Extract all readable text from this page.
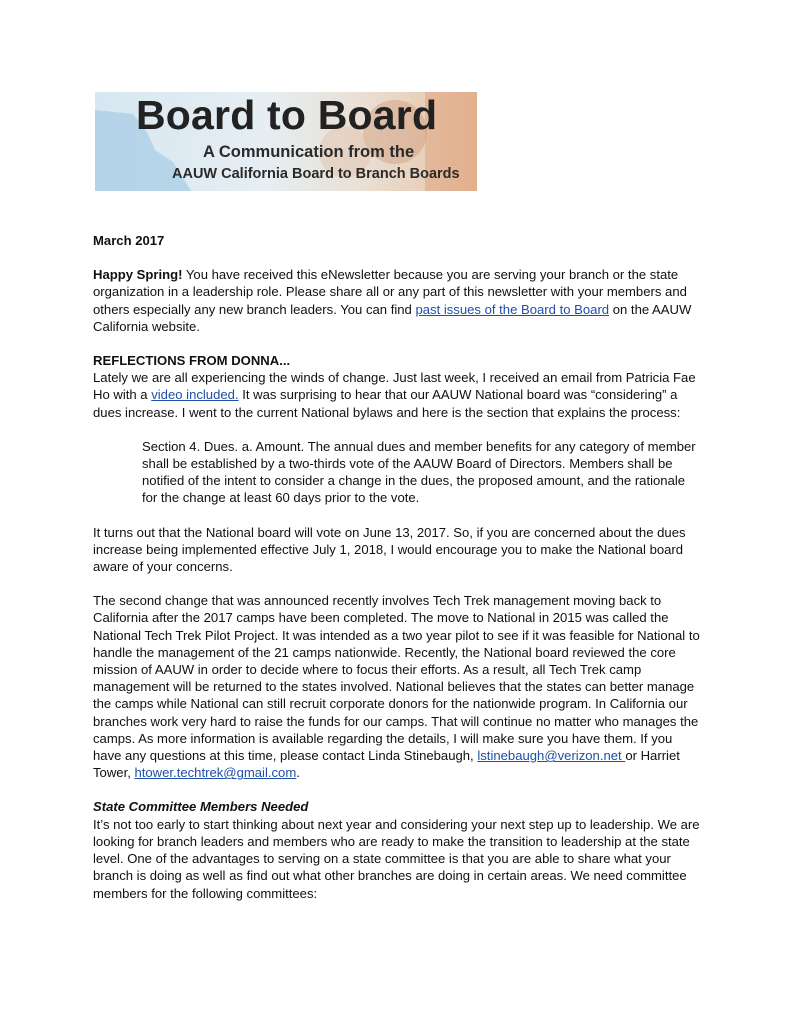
Board to Board
A Communication from the
AAUW California Board to Branch Boards

March 2017

Happy Spring! You have received this eNewsletter because you are serving your branch or the state organization in a leadership role. Please share all or any part of this newsletter with your members and others especially any new branch leaders. You can find past issues of the Board to Board on the AAUW California website.

REFLECTIONS FROM DONNA...

Lately we are all experiencing the winds of change. Just last week, I received an email from Patricia Fae Ho with a video included. It was surprising to hear that our AAUW National board was “considering” a dues increase. I went to the current National bylaws and here is the section that explains the process:

Section 4. Dues. a. Amount. The annual dues and member benefits for any category of member shall be established by a two-thirds vote of the AAUW Board of Directors. Members shall be notified of the intent to consider a change in the dues, the proposed amount, and the rationale for the change at least 60 days prior to the vote.

It turns out that the National board will vote on June 13, 2017. So, if you are concerned about the dues increase being implemented effective July 1, 2018, I would encourage you to make the National board aware of your concerns.

The second change that was announced recently involves Tech Trek management moving back to California after the 2017 camps have been completed. The move to National in 2015 was called the National Tech Trek Pilot Project. It was intended as a two year pilot to see if it was feasible for National to handle the management of the 21 camps nationwide. Recently, the National board reviewed the core mission of AAUW in order to decide where to focus their efforts. As a result, all Tech Trek camp management will be returned to the states involved. National believes that the states can better manage the camps while National can still recruit corporate donors for the nationwide program. In California our branches work very hard to raise the funds for our camps. That will continue no matter who manages the camps. As more information is available regarding the details, I will make sure you have them. If you have any questions at this time, please contact Linda Stinebaugh, lstinebaugh@verizon.net or Harriet Tower, htower.techtrek@gmail.com.

State Committee Members Needed

It’s not too early to start thinking about next year and considering your next step up to leadership. We are looking for branch leaders and members who are ready to make the transition to leadership at the state level. One of the advantages to serving on a state committee is that you are able to share what your branch is doing as well as find out what other branches are doing in certain areas. We need committee members for the following committees:
